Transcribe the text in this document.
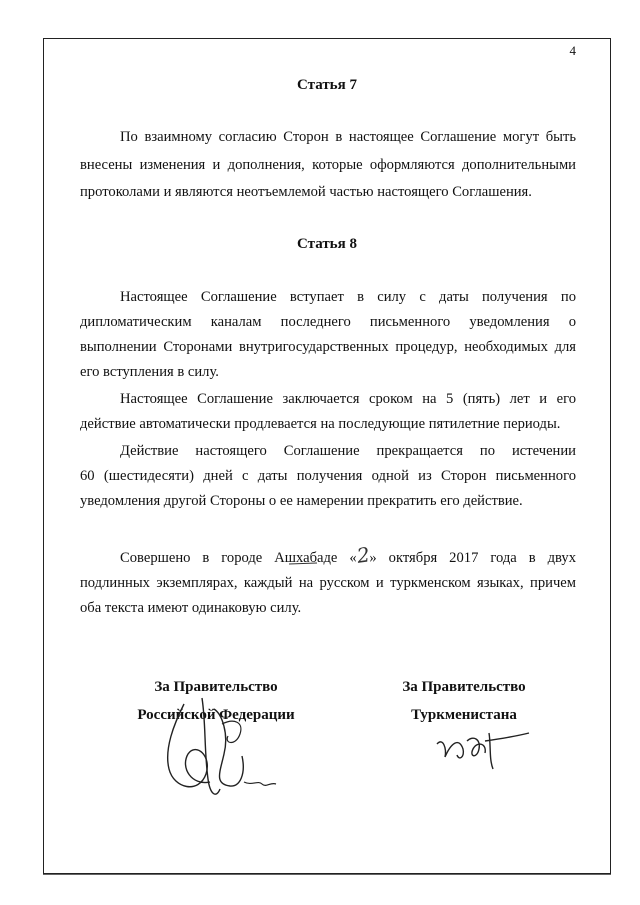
4
Статья 7
По взаимному согласию Сторон в настоящее Соглашение могут быть
внесены изменения и дополнения, которые оформляются дополнительными
протоколами и являются неотъемлемой частью настоящего Соглашения.
Статья 8
Настоящее Соглашение вступает в силу с даты получения по
дипломатическим каналам последнего письменного уведомления о
выполнении Сторонами внутригосударственных процедур, необходимых для
его вступления в силу.
Настоящее Соглашение заключается сроком на 5 (пять) лет и его
действие автоматически продлевается на последующие пятилетние периоды.
Действие настоящего Соглашение прекращается по истечении
60 (шестидесяти) дней с даты получения одной из Сторон письменного
уведомления другой Стороны о ее намерении прекратить его действие.
Совершено в городе Ашхабаде «2» октября 2017 года в двух
подлинных экземплярах, каждый на русском и туркменском языках, причем
оба текста имеют одинаковую силу.
За Правительство
Российской Федерации
За Правительство
Туркменистана
